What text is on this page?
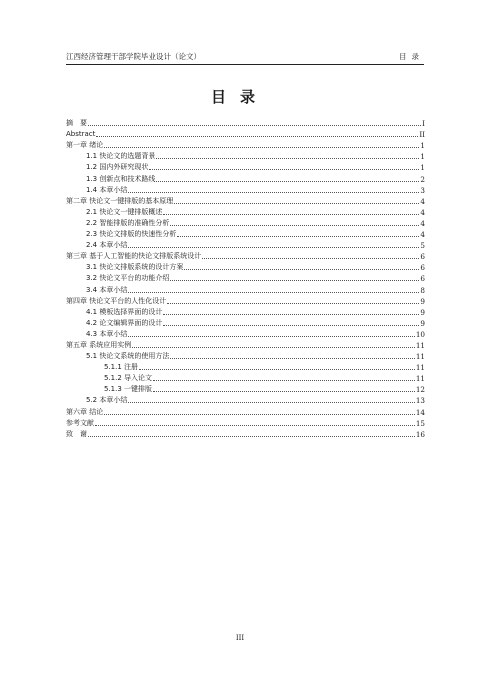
江西经济管理干部学院毕业设计（论文）	目录
目录
摘　要	I
Abstract	II
第一章 绪论	1
1.1 快论文的选题背景	1
1.2 国内外研究现状	1
1.3 创新点和技术路线	2
1.4 本章小结	3
第二章 快论文一键排版的基本原理	4
2.1 快论文一键排版概述	4
2.2 智能排版的准确性分析	4
2.3 快论文排版的快速性分析	4
2.4 本章小结	5
第三章 基于人工智能的快论文排版系统设计	6
3.1 快论文排版系统的设计方案	6
3.2 快论文平台的功能介绍	6
3.4 本章小结	8
第四章 快论文平台的人性化设计	9
4.1 模板选择界面的设计	9
4.2 论文编辑界面的设计	9
4.3 本章小结	10
第五章 系统应用实例	11
5.1 快论文系统的使用方法	11
5.1.1 注册	11
5.1.2 导入论文	11
5.1.3 一键排版	12
5.2 本章小结	13
第六章 结论	14
参考文献	15
致　谢	16
III
